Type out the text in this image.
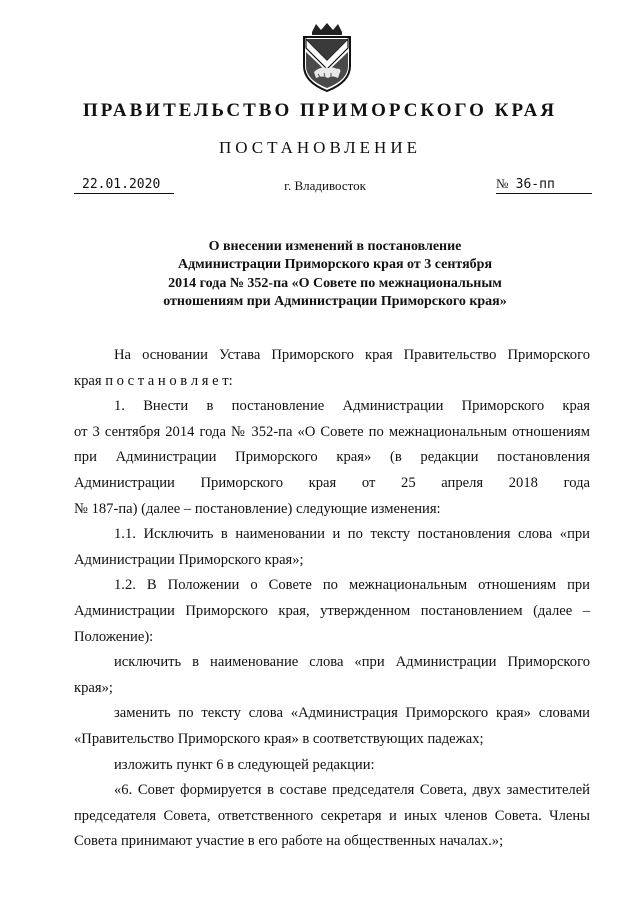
ПРАВИТЕЛЬСТВО ПРИМОРСКОГО КРАЯ
ПОСТАНОВЛЕНИЕ
22.01.2020	г. Владивосток	№ 36-пп
О внесении изменений в постановление
Администрации Приморского края от 3 сентября
2014 года № 352-па «О Совете по межнациональным
отношениям при Администрации Приморского края»
На основании Устава Приморского края Правительство Приморского
края п о с т а н о в л я е т:
1. Внести в постановление Администрации Приморского края
от 3 сентября 2014 года № 352-па «О Совете по межнациональным отношениям
при Администрации Приморского края» (в редакции постановления
Администрации Приморского края от 25 апреля 2018 года
№ 187-па) (далее – постановление) следующие изменения:
1.1. Исключить в наименовании и по тексту постановления слова «при
Администрации Приморского края»;
1.2. В Положении о Совете по межнациональным отношениям при
Администрации Приморского края, утвержденном постановлением (далее –
Положение):
исключить в наименование слова «при Администрации Приморского
края»;
заменить по тексту слова «Администрация Приморского края» словами
«Правительство Приморского края» в соответствующих падежах;
изложить пункт 6 в следующей редакции:
«6. Совет формируется в составе председателя Совета, двух заместителей
председателя Совета, ответственного секретаря и иных членов Совета. Члены
Совета принимают участие в его работе на общественных началах.»;
